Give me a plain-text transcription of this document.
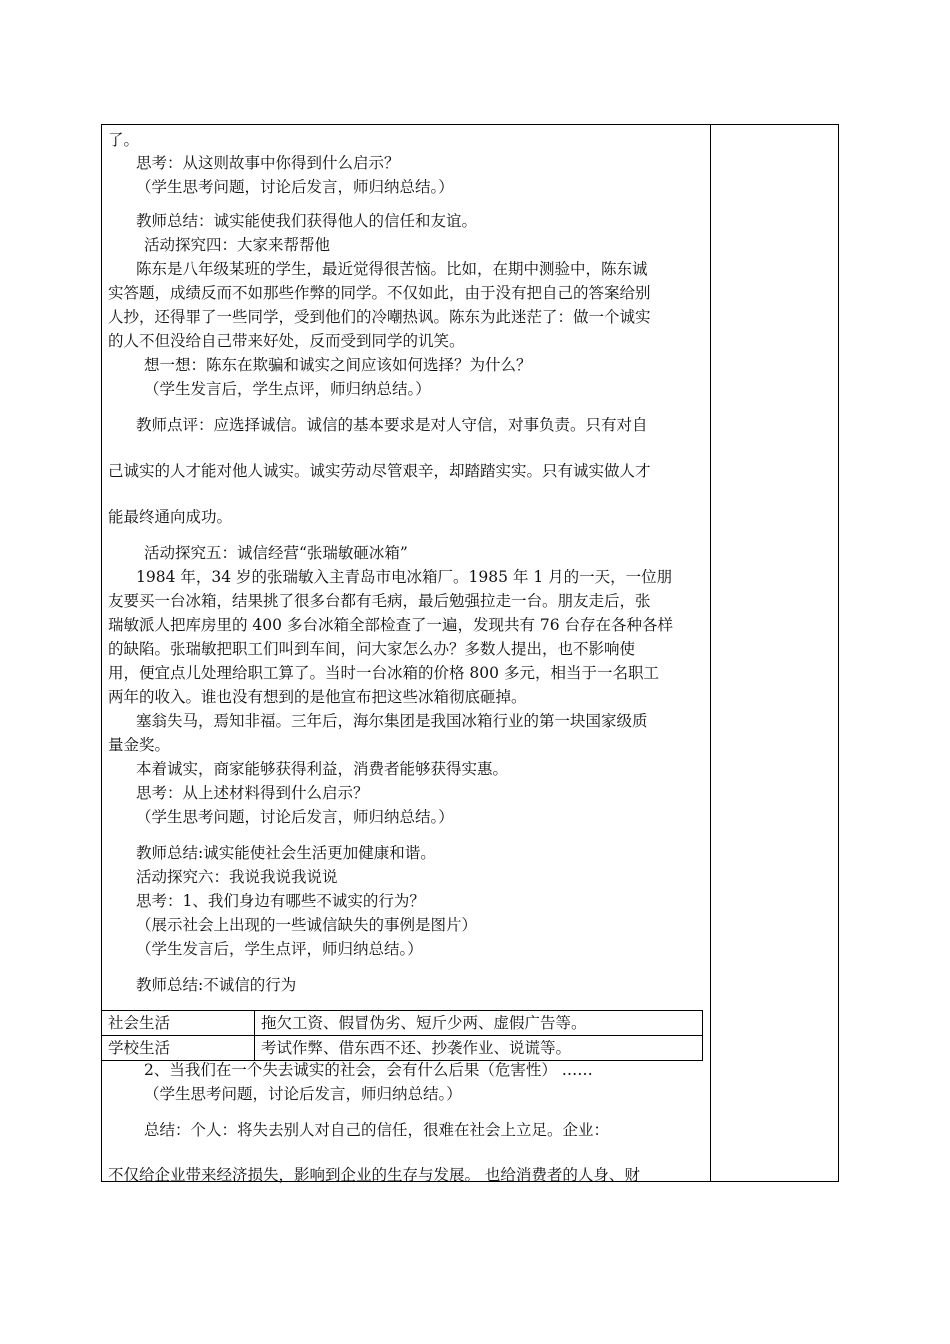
了。
思考：从这则故事中你得到什么启示？
（学生思考问题，讨论后发言，师归纳总结。）
教师总结：诚实能使我们获得他人的信任和友谊。
活动探究四：大家来帮帮他
陈东是八年级某班的学生，最近觉得很苦恼。比如，在期中测验中，陈东诚
实答题，成绩反而不如那些作弊的同学。不仅如此，由于没有把自己的答案给别
人抄，还得罪了一些同学，受到他们的冷嘲热讽。陈东为此迷茫了：做一个诚实
的人不但没给自己带来好处，反而受到同学的讥笑。
想一想：陈东在欺骗和诚实之间应该如何选择？为什么？
（学生发言后，学生点评，师归纳总结。）
教师点评：应选择诚信。诚信的基本要求是对人守信，对事负责。只有对自
己诚实的人才能对他人诚实。诚实劳动尽管艰辛，却踏踏实实。只有诚实做人才
能最终通向成功。
活动探究五：诚信经营“张瑞敏砸冰箱”
1984 年，34 岁的张瑞敏入主青岛市电冰箱厂。1985 年 1 月的一天，一位朋
友要买一台冰箱，结果挑了很多台都有毛病，最后勉强拉走一台。朋友走后，张
瑞敏派人把库房里的 400 多台冰箱全部检查了一遍，发现共有 76 台存在各种各样
的缺陷。张瑞敏把职工们叫到车间，问大家怎么办？多数人提出，也不影响使
用，便宜点儿处理给职工算了。当时一台冰箱的价格 800 多元，相当于一名职工
两年的收入。谁也没有想到的是他宣布把这些冰箱彻底砸掉。
塞翁失马，焉知非福。三年后，海尔集团是我国冰箱行业的第一块国家级质
量金奖。
本着诚实，商家能够获得利益，消费者能够获得实惠。
思考：从上述材料得到什么启示？
（学生思考问题，讨论后发言，师归纳总结。）
教师总结:诚实能使社会生活更加健康和谐。
活动探究六：我说我说我说说
思考：1、我们身边有哪些不诚实的行为？
（展示社会上出现的一些诚信缺失的事例是图片）
（学生发言后，学生点评，师归纳总结。）
教师总结:不诚信的行为
2、当我们在一个失去诚实的社会，会有什么后果（危害性） ……
（学生思考问题，讨论后发言，师归纳总结。）
总结：个人：将失去别人对自己的信任，很难在社会上立足。企业：
不仅给企业带来经济损失，影响到企业的生存与发展。 也给消费者的人身、财
社会生活	拖欠工资、假冒伪劣、短斤少两、虚假广告等。
学校生活	考试作弊、借东西不还、抄袭作业、说谎等。
